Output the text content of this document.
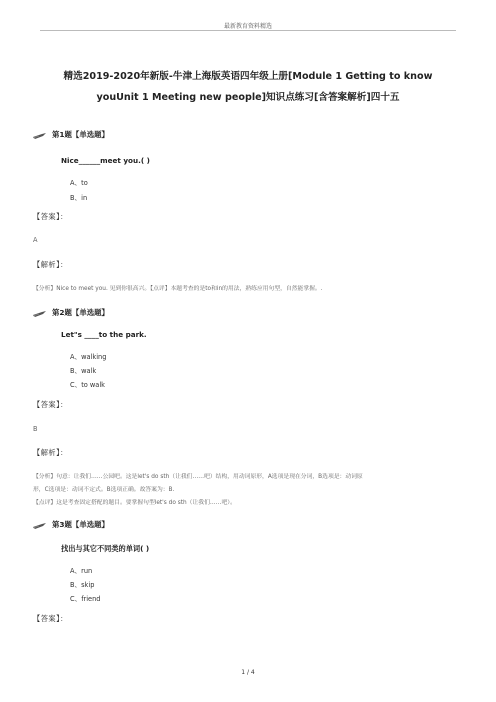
最新教育资料精选
精选2019-2020年新版-牛津上海版英语四年级上册[Module 1 Getting to know
youUnit 1 Meeting new people]知识点练习[含答案解析]四十五
第1题【单选题】
Nice______meet you.( )
A、to
B、in
【答案】：
A
【解析】：
【分析】Nice to meet you. 见到你很高兴。【点评】本题考查的是to和in的用法，熟练应用句型，自然能掌握。.
第2题【单选题】
Let"s ____to the park.
A、walking
B、walk
C、to walk
【答案】：
B
【解析】：
【分析】句意：让我们……公园吧。这是let's do sth（让我们……吧）结构，用动词原形，A选项是现在分词，B选项是：动词原
形，C选项是：动词不定式。B选项正确。故答案为：B.
【点评】这是考查固定搭配的题目。要掌握句型let's do sth（让我们……吧）。
第3题【单选题】
找出与其它不同类的单词( )
A、run
B、skip
C、friend
【答案】：
1 / 4
